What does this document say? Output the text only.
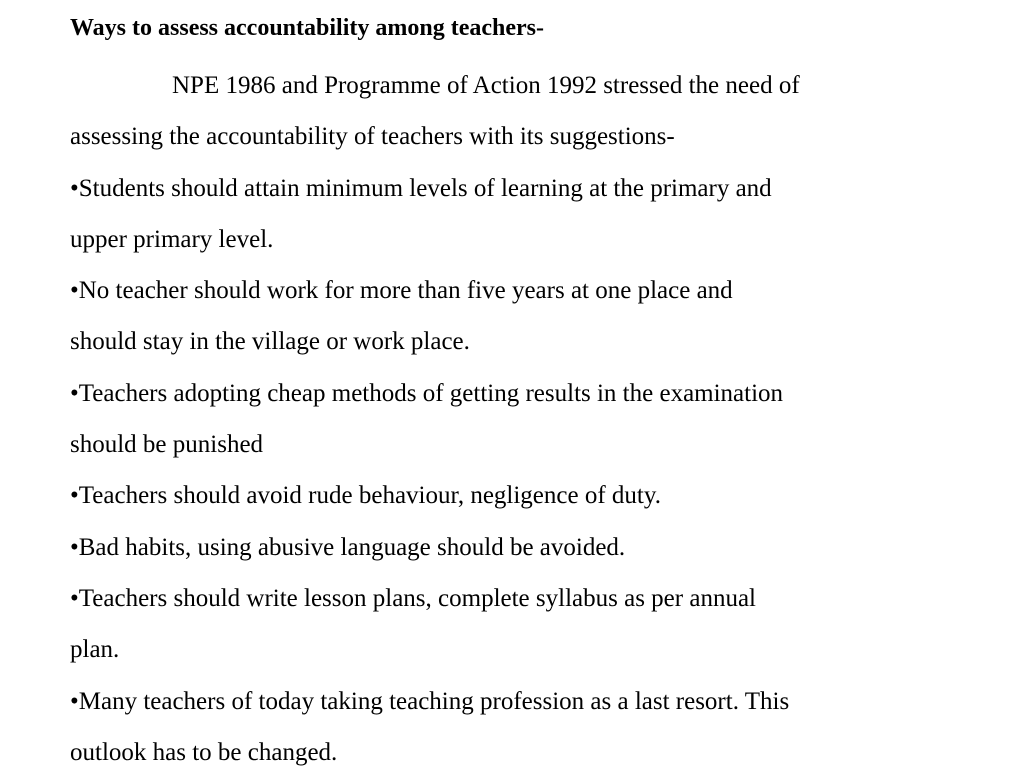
Ways to assess accountability among teachers-
NPE 1986 and Programme of Action 1992 stressed the need of
assessing the accountability of teachers with its suggestions-
•Students should attain minimum levels of learning at the primary and
upper primary level.
•No teacher should work for more than five years at one place and
should stay in the village or work place.
•Teachers adopting cheap methods of getting results in the examination
should be punished
•Teachers should avoid rude behaviour, negligence of duty.
•Bad habits, using abusive language should be avoided.
•Teachers should write lesson plans, complete syllabus as per annual
plan.
•Many teachers of today taking teaching profession as a last resort. This
outlook has to be changed.
